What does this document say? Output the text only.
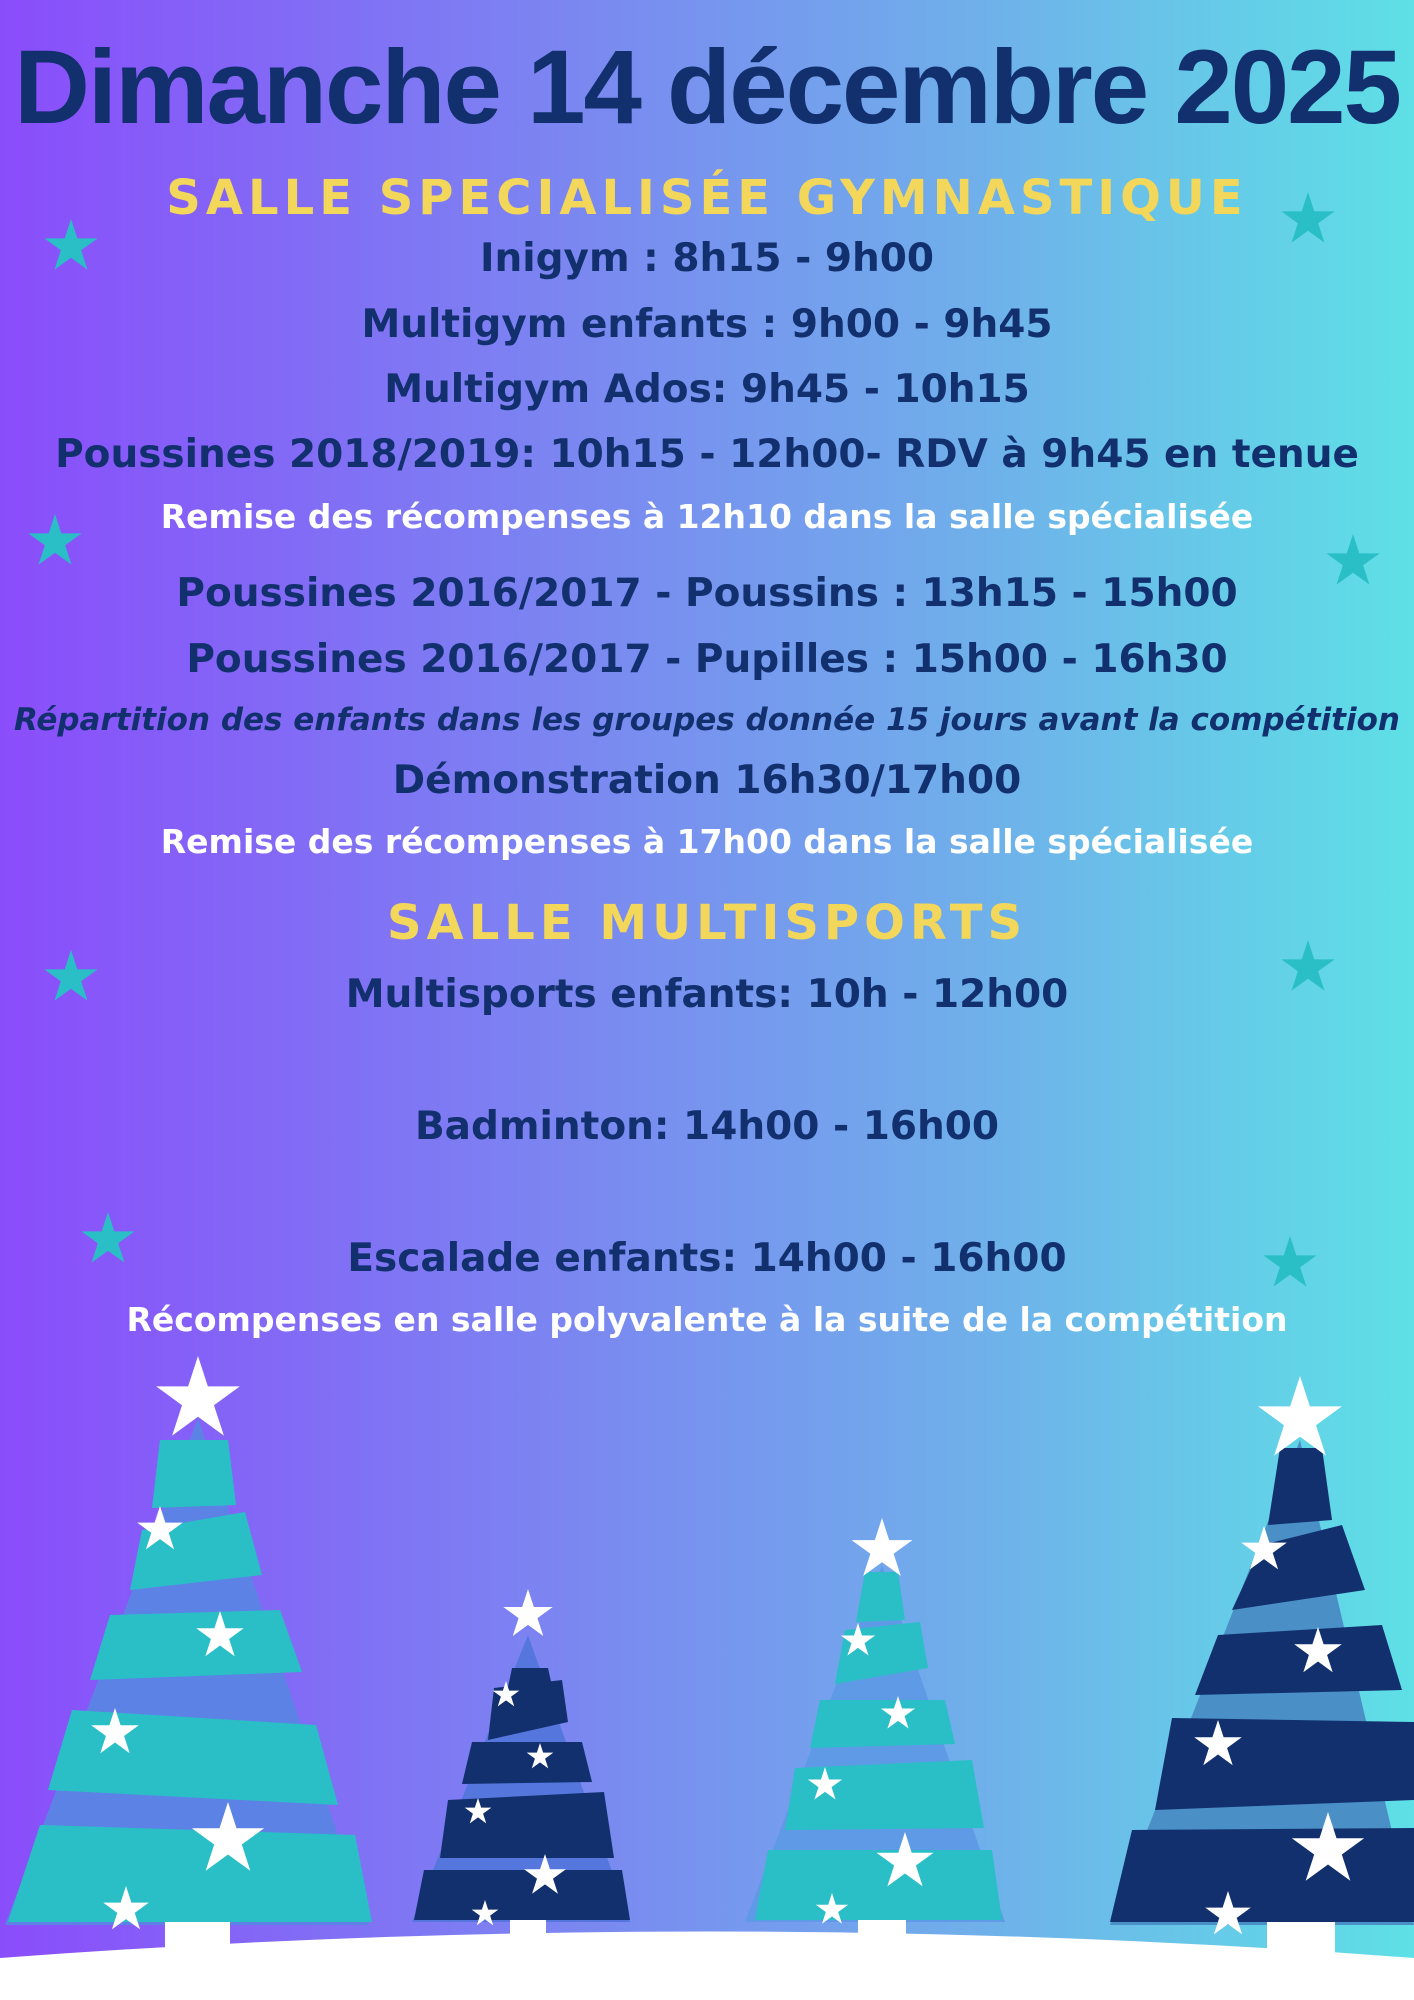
Dimanche 14 décembre 2025
SALLE SPECIALISÉE GYMNASTIQUE
Inigym : 8h15 - 9h00
Multigym enfants : 9h00 - 9h45
Multigym Ados: 9h45 - 10h15
Poussines 2018/2019: 10h15 - 12h00- RDV à 9h45 en tenue
Remise des récompenses à 12h10 dans la salle spécialisée
Poussines 2016/2017 - Poussins : 13h15 - 15h00
Poussines 2016/2017 - Pupilles : 15h00 - 16h30
Répartition des enfants dans les groupes donnée 15 jours avant la compétition
Démonstration 16h30/17h00
Remise des récompenses à 17h00 dans la salle spécialisée
SALLE MULTISPORTS
Multisports enfants: 10h - 12h00
Badminton: 14h00 - 16h00
Escalade enfants: 14h00 - 16h00
Récompenses en salle polyvalente à la suite de la compétition
